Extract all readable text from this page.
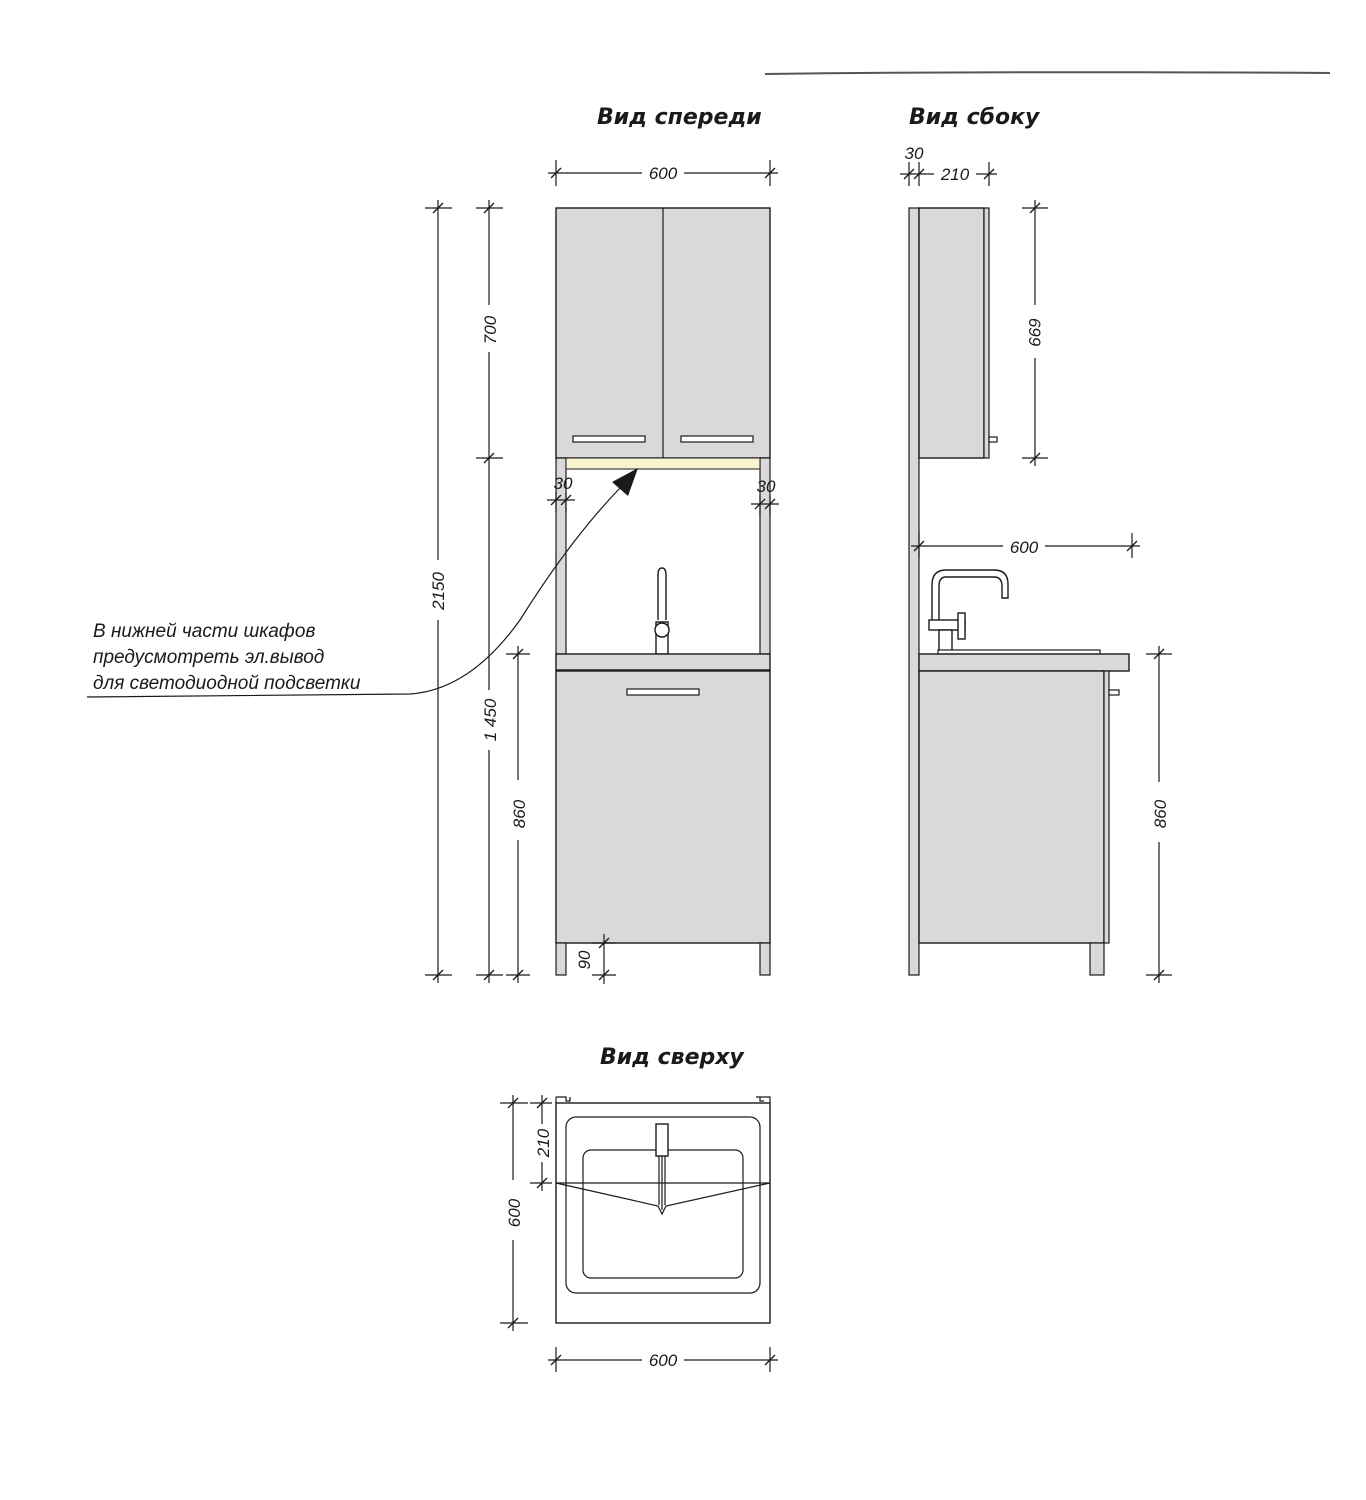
Вид спереди	Вид сбоку
Вид сверху
600
2150
700
1 450
860
90
30	30
В нижней части шкафов
предусмотреть эл.вывод
для светодиодной подсветки
30
210
699
600
860
600
210
600
